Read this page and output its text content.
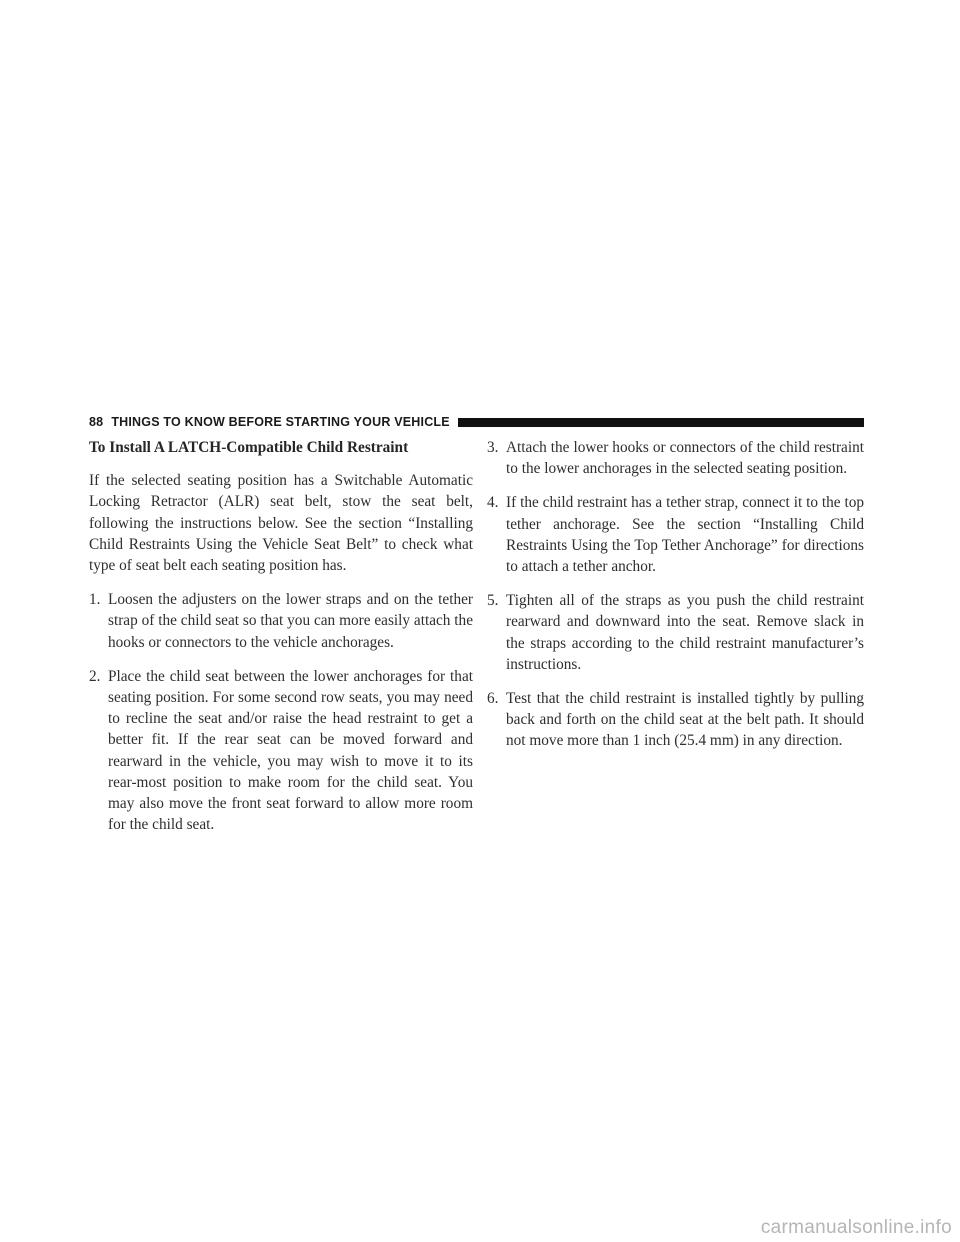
88 THINGS TO KNOW BEFORE STARTING YOUR VEHICLE
To Install A LATCH-Compatible Child Restraint

If the selected seating position has a Switchable Automatic Locking Retractor (ALR) seat belt, stow the seat belt, following the instructions below. See the section “Installing Child Restraints Using the Vehicle Seat Belt” to check what type of seat belt each seating position has.

1. Loosen the adjusters on the lower straps and on the tether strap of the child seat so that you can more easily attach the hooks or connectors to the vehicle anchorages.
2. Place the child seat between the lower anchorages for that seating position. For some second row seats, you may need to recline the seat and/or raise the head restraint to get a better fit. If the rear seat can be moved forward and rearward in the vehicle, you may wish to move it to its rear-most position to make room for the child seat. You may also move the front seat forward to allow more room for the child seat.
3. Attach the lower hooks or connectors of the child restraint to the lower anchorages in the selected seating position.
4. If the child restraint has a tether strap, connect it to the top tether anchorage. See the section “Installing Child Restraints Using the Top Tether Anchorage” for directions to attach a tether anchor.
5. Tighten all of the straps as you push the child restraint rearward and downward into the seat. Remove slack in the straps according to the child restraint manufacturer’s instructions.
6. Test that the child restraint is installed tightly by pulling back and forth on the child seat at the belt path. It should not move more than 1 inch (25.4 mm) in any direction.
carmanualsonline.info
